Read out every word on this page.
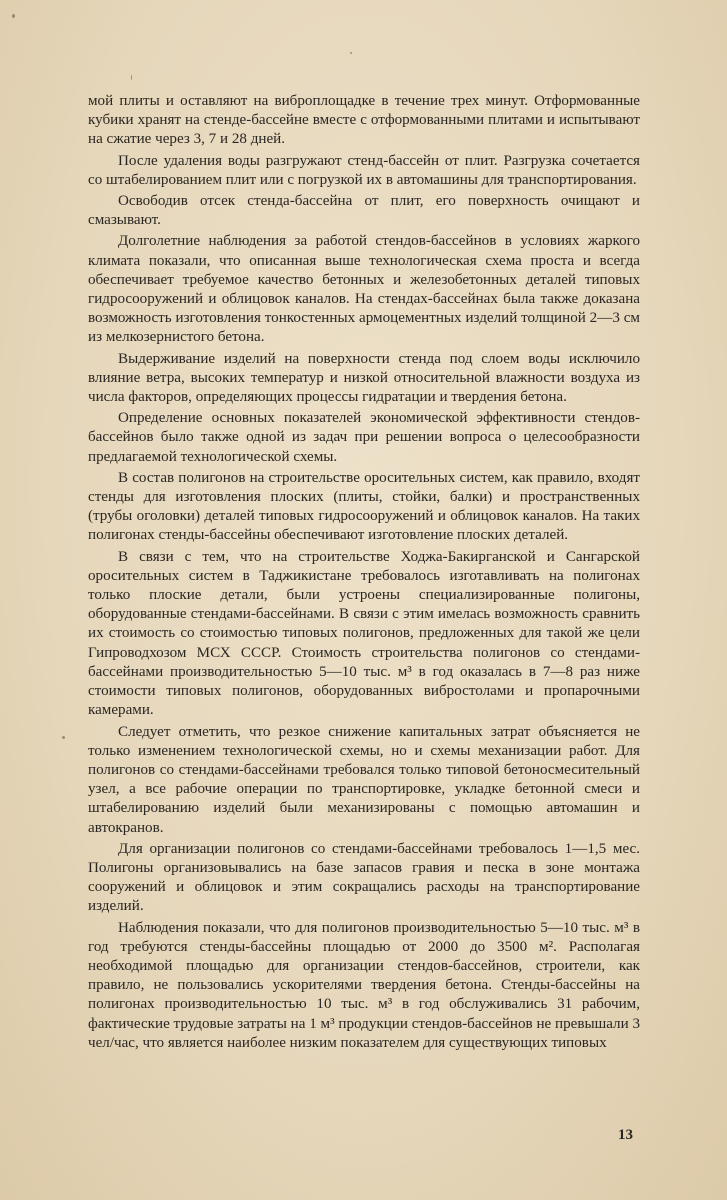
мой плиты и оставляют на виброплощадке в течение трех минут. Отформованные кубики хранят на стенде-бассейне вместе с отформованными плитами и испытывают на сжатие через 3, 7 и 28 дней.

После удаления воды разгружают стенд-бассейн от плит. Разгрузка сочетается со штабелированием плит или с погрузкой их в автомашины для транспортирования.

Освободив отсек стенда-бассейна от плит, его поверхность очищают и смазывают.

Долголетние наблюдения за работой стендов-бассейнов в условиях жаркого климата показали, что описанная выше технологическая схема проста и всегда обеспечивает требуемое качество бетонных и железобетонных деталей типовых гидросооружений и облицовок каналов. На стендах-бассейнах была также доказана возможность изготовления тонкостенных армоцементных изделий толщиной 2—3 см из мелкозернистого бетона.

Выдерживание изделий на поверхности стенда под слоем воды исключило влияние ветра, высоких температур и низкой относительной влажности воздуха из числа факторов, определяющих процессы гидратации и твердения бетона.

Определение основных показателей экономической эффективности стендов-бассейнов было также одной из задач при решении вопроса о целесообразности предлагаемой технологической схемы.

В состав полигонов на строительстве оросительных систем, как правило, входят стенды для изготовления плоских (плиты, стойки, балки) и пространственных (трубы оголовки) деталей типовых гидросооружений и облицовок каналов. На таких полигонах стенды-бассейны обеспечивают изготовление плоских деталей.

В связи с тем, что на строительстве Ходжа-Бакирганской и Сангарской оросительных систем в Таджикистане требовалось изготавливать на полигонах только плоские детали, были устроены специализированные полигоны, оборудованные стендами-бассейнами. В связи с этим имелась возможность сравнить их стоимость со стоимостью типовых полигонов, предложенных для такой же цели Гипроводхозом МСХ СССР. Стоимость строительства полигонов со стендами-бассейнами производительностью 5—10 тыс. м³ в год оказалась в 7—8 раз ниже стоимости типовых полигонов, оборудованных вибростолами и пропарочными камерами.

Следует отметить, что резкое снижение капитальных затрат объясняется не только изменением технологической схемы, но и схемы механизации работ. Для полигонов со стендами-бассейнами требовался только типовой бетоносмесительный узел, а все рабочие операции по транспортировке, укладке бетонной смеси и штабелированию изделий были механизированы с помощью автомашин и автокранов.

Для организации полигонов со стендами-бассейнами требовалось 1—1,5 мес. Полигоны организовывались на базе запасов гравия и песка в зоне монтажа сооружений и облицовок и этим сокращались расходы на транспортирование изделий.

Наблюдения показали, что для полигонов производительностью 5—10 тыс. м³ в год требуются стенды-бассейны площадью от 2000 до 3500 м². Располагая необходимой площадью для организации стендов-бассейнов, строители, как правило, не пользовались ускорителями твердения бетона. Стенды-бассейны на полигонах производительностью 10 тыс. м³ в год обслуживались 31 рабочим, фактические трудовые затраты на 1 м³ продукции стендов-бассейнов не превышали 3 чел/час, что является наиболее низким показателем для существующих типовых

13
